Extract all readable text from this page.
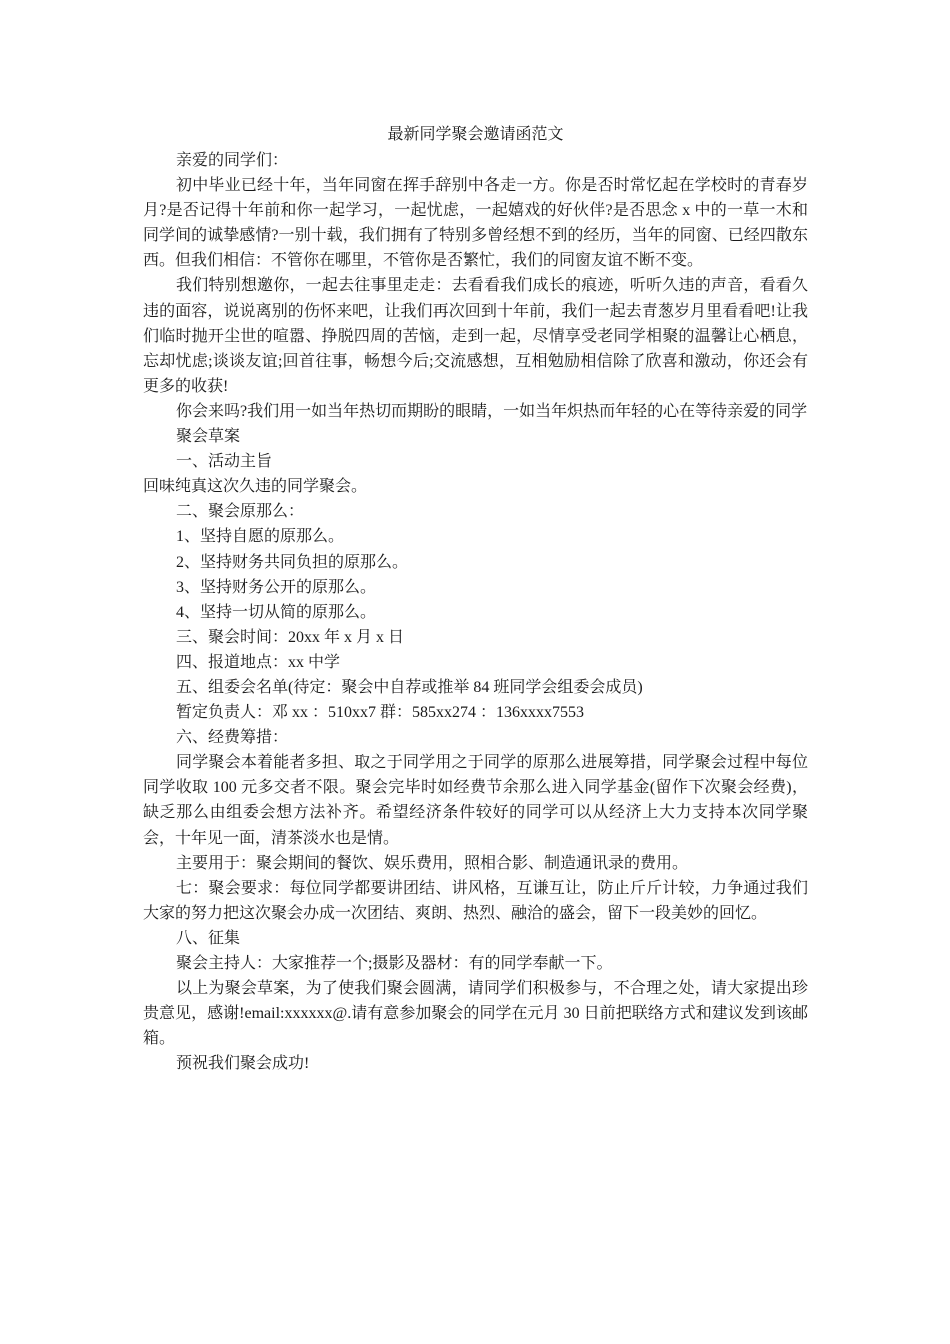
最新同学聚会邀请函范文

亲爱的同学们：

初中毕业已经十年，当年同窗在挥手辞别中各走一方。你是否时常忆起在学校时的青春岁月?是否记得十年前和你一起学习，一起忧虑，一起嬉戏的好伙伴?是否思念 x 中的一草一木和同学间的诚挚感情?一别十载，我们拥有了特别多曾经想不到的经历，当年的同窗、已经四散东西。但我们相信：不管你在哪里，不管你是否繁忙，我们的同窗友谊不断不变。

我们特别想邀你，一起去往事里走走：去看看我们成长的痕迹，听听久违的声音，看看久违的面容，说说离别的伤怀来吧，让我们再次回到十年前，我们一起去青葱岁月里看看吧!让我们临时抛开尘世的喧嚣、挣脱四周的苦恼，走到一起，尽情享受老同学相聚的温馨让心栖息，忘却忧虑;谈谈友谊;回首往事，畅想今后;交流感想，互相勉励相信除了欣喜和激动，你还会有更多的收获!

你会来吗?我们用一如当年热切而期盼的眼睛，一如当年炽热而年轻的心在等待亲爱的同学

聚会草案

一、活动主旨

回味纯真这次久违的同学聚会。

二、聚会原那么：

1、坚持自愿的原那么。

2、坚持财务共同负担的原那么。

3、坚持财务公开的原那么。

4、坚持一切从简的原那么。

三、聚会时间：20xx 年 x 月 x 日

四、报道地点：xx 中学

五、组委会名单(待定：聚会中自荐或推举 84 班同学会组委会成员)

暂定负责人：邓 xx ：510xx7 群：585xx274 ：136xxxx7553

六、经费筹措：

同学聚会本着能者多担、取之于同学用之于同学的原那么进展筹措，同学聚会过程中每位同学收取 100 元多交者不限。聚会完毕时如经费节余那么进入同学基金(留作下次聚会经费)，缺乏那么由组委会想方法补齐。希望经济条件较好的同学可以从经济上大力支持本次同学聚会，十年见一面，清茶淡水也是情。

主要用于：聚会期间的餐饮、娱乐费用，照相合影、制造通讯录的费用。

七：聚会要求：每位同学都要讲团结、讲风格，互谦互让，防止斤斤计较，力争通过我们大家的努力把这次聚会办成一次团结、爽朗、热烈、融洽的盛会，留下一段美妙的回忆。

八、征集

聚会主持人：大家推荐一个;摄影及器材：有的同学奉献一下。

以上为聚会草案，为了使我们聚会圆满，请同学们积极参与，不合理之处，请大家提出珍贵意见，感谢!email:xxxxxx@.请有意参加聚会的同学在元月 30 日前把联络方式和建议发到该邮箱。

预祝我们聚会成功!
